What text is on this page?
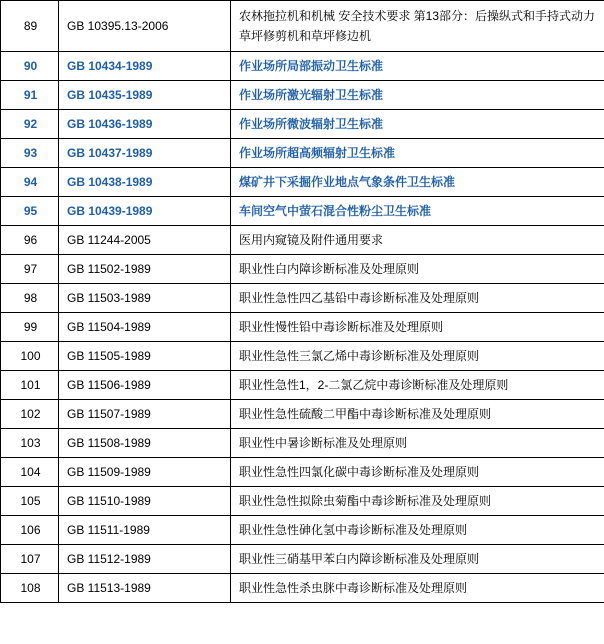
89	GB 10395.13-2006	农林拖拉机和机械 安全技术要求 第13部分：后操纵式和手持式动力草坪修剪机和草坪修边机
90	GB 10434-1989	作业场所局部振动卫生标准
91	GB 10435-1989	作业场所激光辐射卫生标准
92	GB 10436-1989	作业场所微波辐射卫生标准
93	GB 10437-1989	作业场所超高频辐射卫生标准
94	GB 10438-1989	煤矿井下采掘作业地点气象条件卫生标准
95	GB 10439-1989	车间空气中萤石混合性粉尘卫生标准
96	GB 11244-2005	医用内窥镜及附件通用要求
97	GB 11502-1989	职业性白内障诊断标准及处理原则
98	GB 11503-1989	职业性急性四乙基铅中毒诊断标准及处理原则
99	GB 11504-1989	职业性慢性铅中毒诊断标准及处理原则
100	GB 11505-1989	职业性急性三氯乙烯中毒诊断标准及处理原则
101	GB 11506-1989	职业性急性1，2-二氯乙烷中毒诊断标准及处理原则
102	GB 11507-1989	职业性急性硫酸二甲酯中毒诊断标准及处理原则
103	GB 11508-1989	职业性中暑诊断标准及处理原则
104	GB 11509-1989	职业性急性四氯化碳中毒诊断标准及处理原则
105	GB 11510-1989	职业性急性拟除虫菊酯中毒诊断标准及处理原则
106	GB 11511-1989	职业性急性砷化氢中毒诊断标准及处理原则
107	GB 11512-1989	职业性三硝基甲苯白内障诊断标准及处理原则
108	GB 11513-1989	职业性急性杀虫脒中毒诊断标准及处理原则
